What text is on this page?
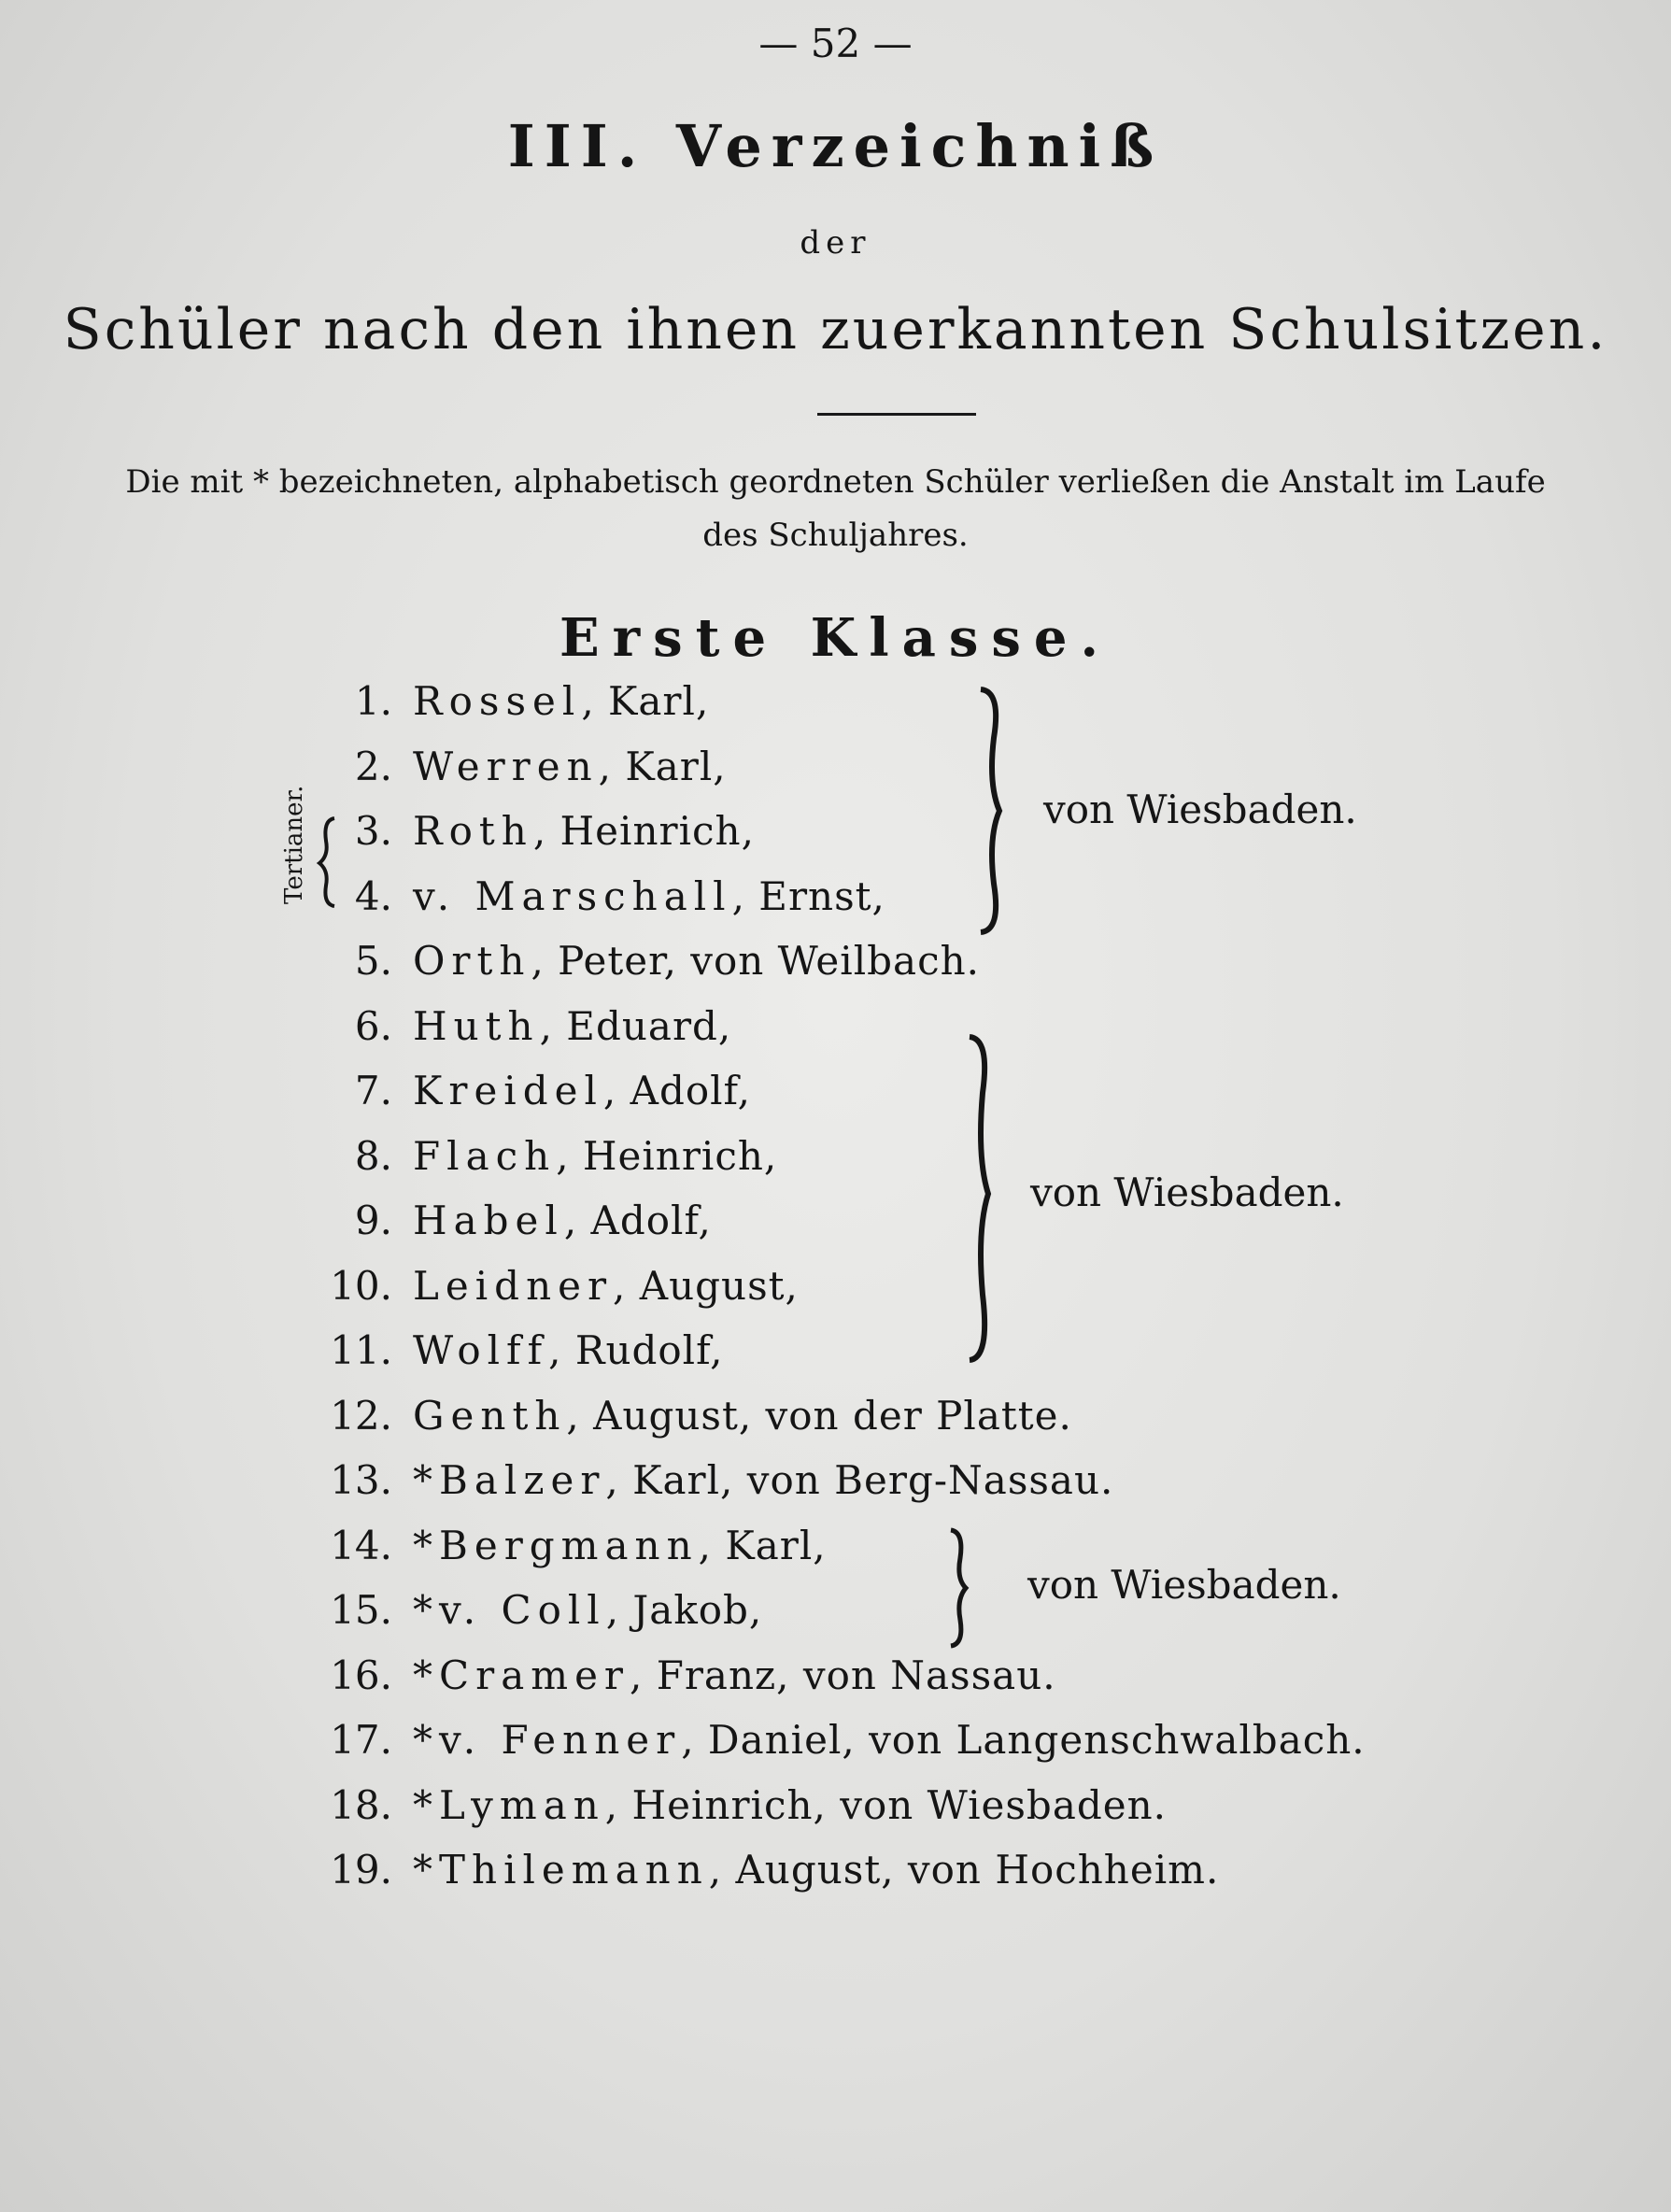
— 52 —
III. Verzeichniß
der
Schüler nach den ihnen zuerkannten Schulsitzen.
Die mit * bezeichneten, alphabetisch geordneten Schüler verließen die Anstalt im Laufe
des Schuljahres.
Erste Klasse.
Tertianer.
1. Rossel, Karl,
2. Werren, Karl,
3. Roth, Heinrich,
4. v. Marschall, Ernst,
5. Orth, Peter, von Weilbach.
6. Huth, Eduard,
7. Kreidel, Adolf,
8. Flach, Heinrich,
9. Habel, Adolf,
10. Leidner, August,
11. Wolff, Rudolf,
12. Genth, August, von der Platte.
13. *Balzer, Karl, von Berg-Nassau.
14. *Bergmann, Karl,
15. *v. Coll, Jakob,
16. *Cramer, Franz, von Nassau.
17. *v. Fenner, Daniel, von Langenschwalbach.
18. *Lyman, Heinrich, von Wiesbaden.
19. *Thilemann, August, von Hochheim.
von Wiesbaden.
von Wiesbaden.
von Wiesbaden.
